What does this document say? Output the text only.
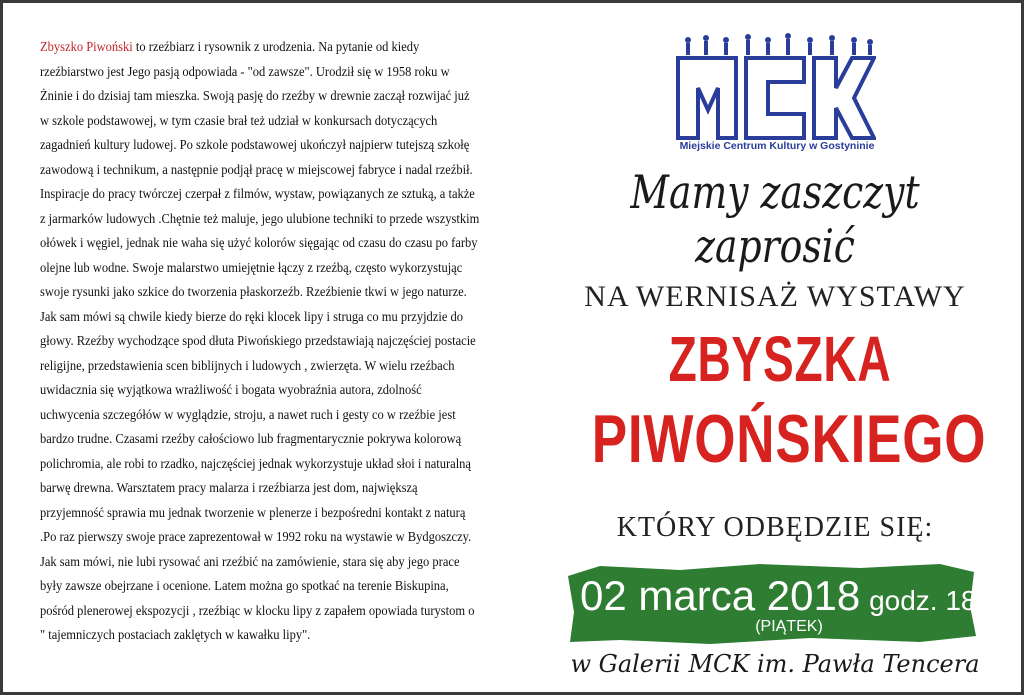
Zbyszko Piwoński to rzeźbiarz i rysownik z urodzenia. Na pytanie od kiedy rzeźbiarstwo jest Jego pasją odpowiada - "od zawsze". Urodził się w 1958 roku w Żninie i do dzisiaj tam mieszka. Swoją pasję do rzeźby w drewnie zaczął rozwijać już w szkole podstawowej, w tym czasie brał też udział w konkursach dotyczących zagadnień kultury ludowej. Po szkole podstawowej ukończył najpierw tutejszą szkołę zawodową i technikum, a następnie podjął pracę w miejscowej fabryce i nadal rzeźbił. Inspiracje do pracy twórczej czerpał z filmów, wystaw, powiązanych ze sztuką, a także z jarmarków ludowych .Chętnie też maluje, jego ulubione techniki to przede wszystkim ołówek i węgiel, jednak nie waha się użyć kolorów sięgając od czasu do czasu po farby olejne lub wodne. Swoje malarstwo umiejętnie łączy z rzeźbą, często wykorzystując swoje rysunki jako szkice do tworzenia płaskorzeźb. Rzeźbienie tkwi w jego naturze. Jak sam mówi są chwile kiedy bierze do ręki klocek lipy i struga co mu przyjdzie do głowy. Rzeźby wychodzące spod dłuta Piwońskiego przedstawiają najczęściej postacie religijne, przedstawienia scen biblijnych i ludowych , zwierzęta. W wielu rzeźbach uwidacznia się wyjątkowa wrażliwość i bogata wyobraźnia autora, zdolność uchwycenia szczegółów w wyglądzie, stroju, a nawet ruch i gesty co w rzeźbie jest bardzo trudne. Czasami rzeźby całościowo lub fragmentarycznie pokrywa kolorową polichromia, ale robi to rzadko, najczęściej jednak wykorzystuje układ słoi i naturalną barwę drewna. Warsztatem pracy malarza i rzeźbiarza jest dom, największą przyjemność sprawia mu jednak tworzenie w plenerze i bezpośredni kontakt z naturą .Po raz pierwszy swoje prace zaprezentował w 1992 roku na wystawie w Bydgoszczy. Jak sam mówi, nie lubi rysować ani rzeźbić na zamówienie, stara się aby jego prace były zawsze obejrzane i ocenione. Latem można go spotkać na terenie Biskupina, pośród plenerowej ekspozycji , rzeźbiąc w klocku lipy z zapałem opowiada turystom o " tajemniczych postaciach zaklętych w kawałku lipy".
Miejskie Centrum Kultury w Gostyninie
Mamy zaszczyt zaprosić
NA WERNISAŻ WYSTAWY
ZBYSZKA
PIWOŃSKIEGO
KTÓRY ODBĘDZIE SIĘ:
02 marca 2018 godz. 1800
(PIĄTEK)
w Galerii MCK im. Pawła Tencera
